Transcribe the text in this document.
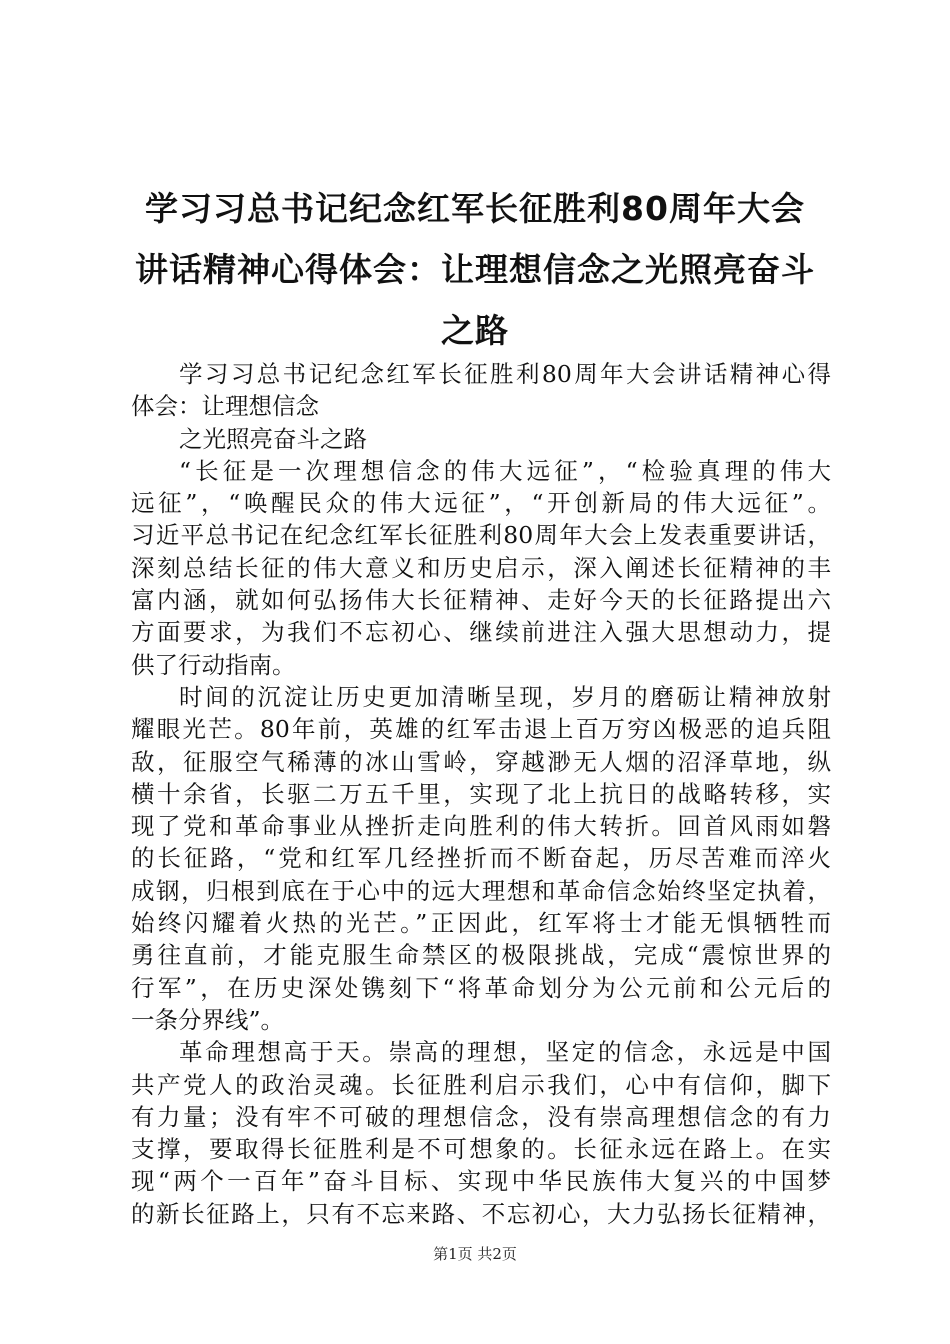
学习习总书记纪念红军长征胜利80周年大会
讲话精神心得体会：让理想信念之光照亮奋斗
之路
学习习总书记纪念红军长征胜利80周年大会讲话精神心得
体会：让理想信念
之光照亮奋斗之路
“长征是一次理想信念的伟大远征”，“检验真理的伟大
远征”，“唤醒民众的伟大远征”，“开创新局的伟大远征”。
习近平总书记在纪念红军长征胜利80周年大会上发表重要讲话，
深刻总结长征的伟大意义和历史启示，深入阐述长征精神的丰
富内涵，就如何弘扬伟大长征精神、走好今天的长征路提出六
方面要求，为我们不忘初心、继续前进注入强大思想动力，提
供了行动指南。
时间的沉淀让历史更加清晰呈现，岁月的磨砺让精神放射
耀眼光芒。80年前，英雄的红军击退上百万穷凶极恶的追兵阻
敌，征服空气稀薄的冰山雪岭，穿越渺无人烟的沼泽草地，纵
横十余省，长驱二万五千里，实现了北上抗日的战略转移，实
现了党和革命事业从挫折走向胜利的伟大转折。回首风雨如磐
的长征路，“党和红军几经挫折而不断奋起，历尽苦难而淬火
成钢，归根到底在于心中的远大理想和革命信念始终坚定执着，
始终闪耀着火热的光芒。”正因此，红军将士才能无惧牺牲而
勇往直前，才能克服生命禁区的极限挑战，完成“震惊世界的
行军”，在历史深处镌刻下“将革命划分为公元前和公元后的
一条分界线”。
革命理想高于天。崇高的理想，坚定的信念，永远是中国
共产党人的政治灵魂。长征胜利启示我们，心中有信仰，脚下
有力量；没有牢不可破的理想信念，没有崇高理想信念的有力
支撑，要取得长征胜利是不可想象的。长征永远在路上。在实
现“两个一百年”奋斗目标、实现中华民族伟大复兴的中国梦
的新长征路上，只有不忘来路、不忘初心，大力弘扬长征精神，
第1页 共2页
